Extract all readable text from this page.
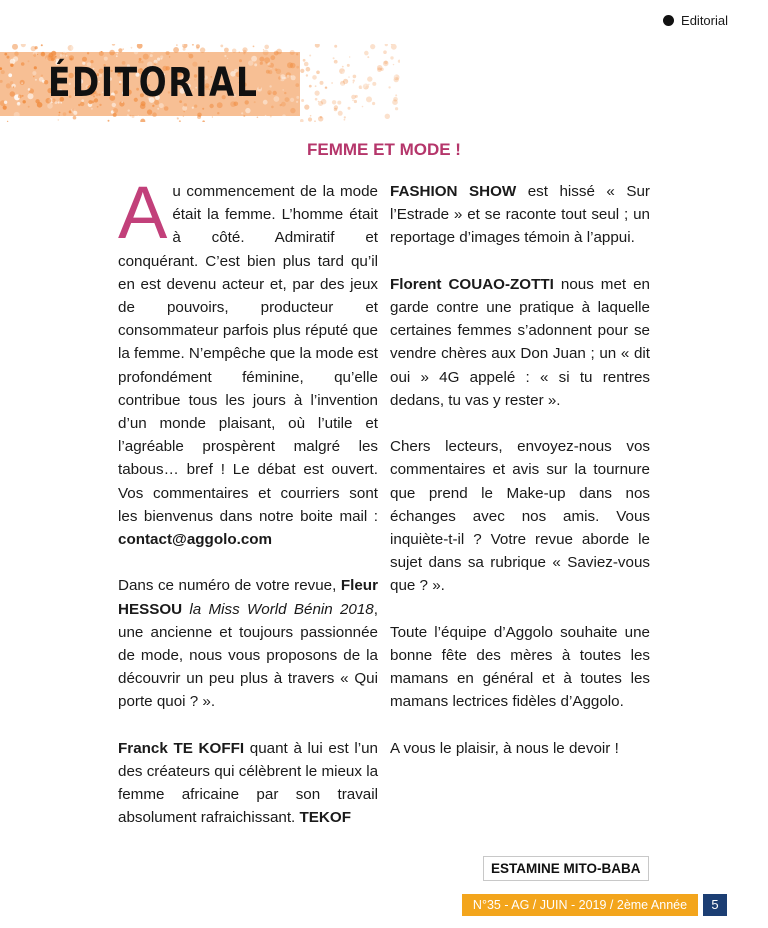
Editorial
ÉDITORIAL
FEMME ET MODE !

Au commencement de la mode était la femme. L’homme était à côté. Admiratif et conquérant. C’est bien plus tard qu’il en est devenu acteur et, par des jeux de pouvoirs, producteur et consommateur parfois plus réputé que la femme. N’empêche que la mode est profondément féminine, qu’elle contribue tous les jours à l’invention d’un monde plaisant, où l’utile et l’agréable prospèrent malgré les tabous… bref ! Le débat est ouvert. Vos commentaires et courriers sont les bienvenus dans notre boite mail : contact@aggolo.com

Dans ce numéro de votre revue, Fleur HESSOU la Miss World Bénin 2018, une ancienne et toujours passionnée de mode, nous vous proposons de la découvrir un peu plus à travers « Qui porte quoi ? ».

Franck TE KOFFI quant à lui est l’un des créateurs qui célèbrent le mieux la femme africaine par son travail absolument rafraichissant. TEKOF

FASHION SHOW est hissé « Sur l’Estrade » et se raconte tout seul ; un reportage d’images témoin à l’appui.

Florent COUAO-ZOTTI nous met en garde contre une pratique à laquelle certaines femmes s’adonnent pour se vendre chères aux Don Juan ; un « dit oui » 4G appelé : « si tu rentres dedans, tu vas y rester ».

Chers lecteurs, envoyez-nous vos commentaires et avis sur la tournure que prend le Make-up dans nos échanges avec nos amis. Vous inquiète-t-il ? Votre revue aborde le sujet dans sa rubrique « Saviez-vous que ? ».

Toute l’équipe d’Aggolo souhaite une bonne fête des mères à toutes les mamans en général et à toutes les mamans lectrices fidèles d’Aggolo.

A vous le plaisir, à nous le devoir !

ESTAMINE MITO-BABA
N°35 - AG / JUIN - 2019 / 2ème Année	5
